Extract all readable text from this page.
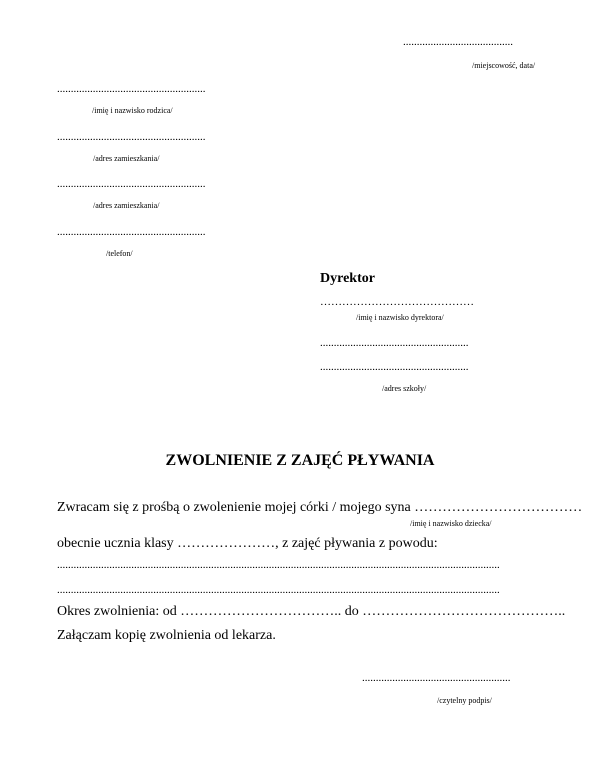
........................................
/miejscowość, data/
......................................................
/imię i nazwisko rodzica/
......................................................
/adres zamieszkania/
......................................................
/adres zamieszkania/
......................................................
/telefon/
Dyrektor
……………………………………
/imię i nazwisko dyrektora/
......................................................
......................................................
/adres szkoły/
ZWOLNIENIE Z ZAJĘĆ PŁYWANIA
Zwracam się z prośbą o zwolenienie mojej córki / mojego syna ………………………………
/imię i nazwisko dziecka/
obecnie ucznia klasy …………………, z zajęć pływania z powodu:
.................................................................................................................................................................
.................................................................................................................................................................
Okres zwolnienia: od …………………………….. do ……………………………………..
Załączam kopię zwolnienia od lekarza.
......................................................
/czytelny podpis/
